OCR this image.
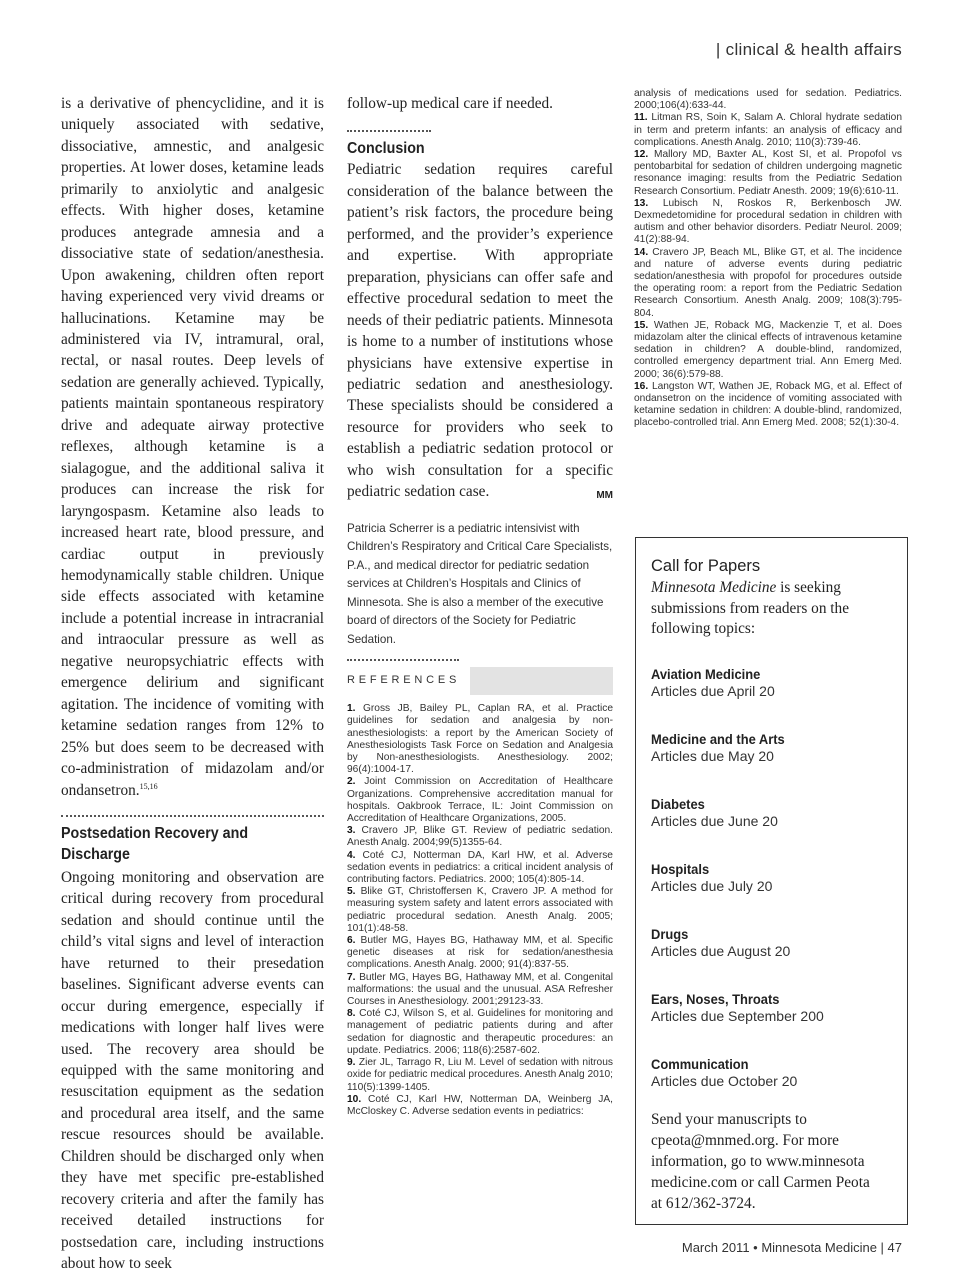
| clinical & health affairs

is a derivative of phencyclidine, and it is uniquely associated with sedative, dissociative, amnestic, and analgesic properties. At lower doses, ketamine leads primarily to anxiolytic and analgesic effects. With higher doses, ketamine produces antegrade amnesia and a dissociative state of sedation/anesthesia. Upon awakening, children often report having experienced very vivid dreams or hallucinations. Ketamine may be administered via IV, intramural, oral, rectal, or nasal routes. Deep levels of sedation are generally achieved. Typically, patients maintain spontaneous respiratory drive and adequate airway protective reflexes, although ketamine is a sialagogue, and the additional saliva it produces can increase the risk for laryngospasm. Ketamine also leads to increased heart rate, blood pressure, and cardiac output in previously hemodynamically stable children. Unique side effects associated with ketamine include a potential increase in intracranial and intraocular pressure as well as negative neuropsychiatric effects with emergence delirium and significant agitation. The incidence of vomiting with ketamine sedation ranges from 12% to 25% but does seem to be decreased with co-administration of midazolam and/or ondansetron.$^{15,16}$

Postsedation Recovery and
Discharge

Ongoing monitoring and observation are critical during recovery from procedural sedation and should continue until the child’s vital signs and level of interaction have returned to their presedation baselines. Significant adverse events can occur during emergence, especially if medications with longer half lives were used. The recovery area should be equipped with the same monitoring and resuscitation equipment as the sedation and procedural area itself, and the same rescue resources should be available. Children should be discharged only when they have met specific pre-established recovery criteria and after the family has received detailed instructions for postsedation care, including instructions about how to seek

follow-up medical care if needed.

Conclusion

Pediatric sedation requires careful consideration of the balance between the patient’s risk factors, the procedure being performed, and the provider’s experience and expertise. With appropriate preparation, physicians can offer safe and effective procedural sedation to meet the needs of their pediatric patients. Minnesota is home to a number of institutions whose physicians have extensive expertise in pediatric sedation and anesthesiology. These specialists should be considered a resource for providers who seek to establish a pediatric sedation protocol or who wish consultation for a specific pediatric sedation case.	MM

Patricia Scherrer is a pediatric intensivist with Children’s Respiratory and Critical Care Specialists, P.A., and medical director for pediatric sedation services at Children’s Hospitals and Clinics of Minnesota. She is also a member of the executive board of directors of the Society for Pediatric Sedation.
REFERENCES

1. Gross JB, Bailey PL, Caplan RA, et al. Practice guidelines for sedation and analgesia by non-anesthesiologists: a report by the American Society of Anesthesiologists Task Force on Sedation and Analgesia by Non-anesthesiologists. Anesthesiology. 2002; 96(4):1004-17.

2. Joint Commission on Accreditation of Healthcare Organizations. Comprehensive accreditation manual for hospitals. Oakbrook Terrace, IL: Joint Commission on Accreditation of Healthcare Organizations, 2005.

3. Cravero JP, Blike GT. Review of pediatric sedation. Anesth Analg. 2004;99(5)1355-64.

4. Coté CJ, Notterman DA, Karl HW, et al. Adverse sedation events in pediatrics: a critical incident analysis of contributing factors. Pediatrics. 2000; 105(4):805-14.

5. Blike GT, Christoffersen K, Cravero JP. A method for measuring system safety and latent errors associated with pediatric procedural sedation. Anesth Analg. 2005; 101(1):48-58.

6. Butler MG, Hayes BG, Hathaway MM, et al. Specific genetic diseases at risk for sedation/anesthesia complications. Anesth Analg. 2000; 91(4):837-55.

7. Butler MG, Hayes BG, Hathaway MM, et al. Congenital malformations: the usual and the unusual. ASA Refresher Courses in Anesthesiology. 2001;29123-33.

8. Coté CJ, Wilson S, et al. Guidelines for monitoring and management of pediatric patients during and after sedation for diagnostic and therapeutic procedures: an update. Pediatrics. 2006; 118(6):2587-602.

9. Zier JL, Tarrago R, Liu M. Level of sedation with nitrous oxide for pediatric medical procedures. Anesth Analg 2010; 110(5):1399-1405.

10. Coté CJ, Karl HW, Notterman DA, Weinberg JA, McCloskey C. Adverse sedation events in pediatrics:

analysis of medications used for sedation. Pediatrics. 2000;106(4):633-44.

11. Litman RS, Soin K, Salam A. Chloral hydrate sedation in term and preterm infants: an analysis of efficacy and complications. Anesth Analg. 2010; 110(3):739-46.

12. Mallory MD, Baxter AL, Kost SI, et al. Propofol vs pentobarbital for sedation of children undergoing magnetic resonance imaging: results from the Pediatric Sedation Research Consortium. Pediatr Anesth. 2009; 19(6):610-11.

13. Lubisch N, Roskos R, Berkenbosch JW. Dexmedetomidine for procedural sedation in children with autism and other behavior disorders. Pediatr Neurol. 2009; 41(2):88-94.

14. Cravero JP, Beach ML, Blike GT, et al. The incidence and nature of adverse events during pediatric sedation/anesthesia with propofol for procedures outside the operating room: a report from the Pediatric Sedation Research Consortium. Anesth Analg. 2009; 108(3):795-804.

15. Wathen JE, Roback MG, Mackenzie T, et al. Does midazolam alter the clinical effects of intravenous ketamine sedation in children? A double-blind, randomized, controlled emergency department trial. Ann Emerg Med. 2000; 36(6):579-88.

16. Langston WT, Wathen JE, Roback MG, et al. Effect of ondansetron on the incidence of vomiting associated with ketamine sedation in children: A double-blind, randomized, placebo-controlled trial. Ann Emerg Med. 2008; 52(1):30-4.

Call for Papers
Minnesota Medicine is seeking submissions from readers on the following topics:
Aviation Medicine
Articles due April 20
Medicine and the Arts
Articles due May 20
Diabetes
Articles due June 20
Hospitals
Articles due July 20
Drugs
Articles due August 20
Ears, Noses, Throats
Articles due September 200
Communication
Articles due October 20
Send your manuscripts to cpeota@mnmed.org. For more information, go to www.minnesota medicine.com or call Carmen Peota at 612/362-3724.
March 2011 • Minnesota Medicine | 47
